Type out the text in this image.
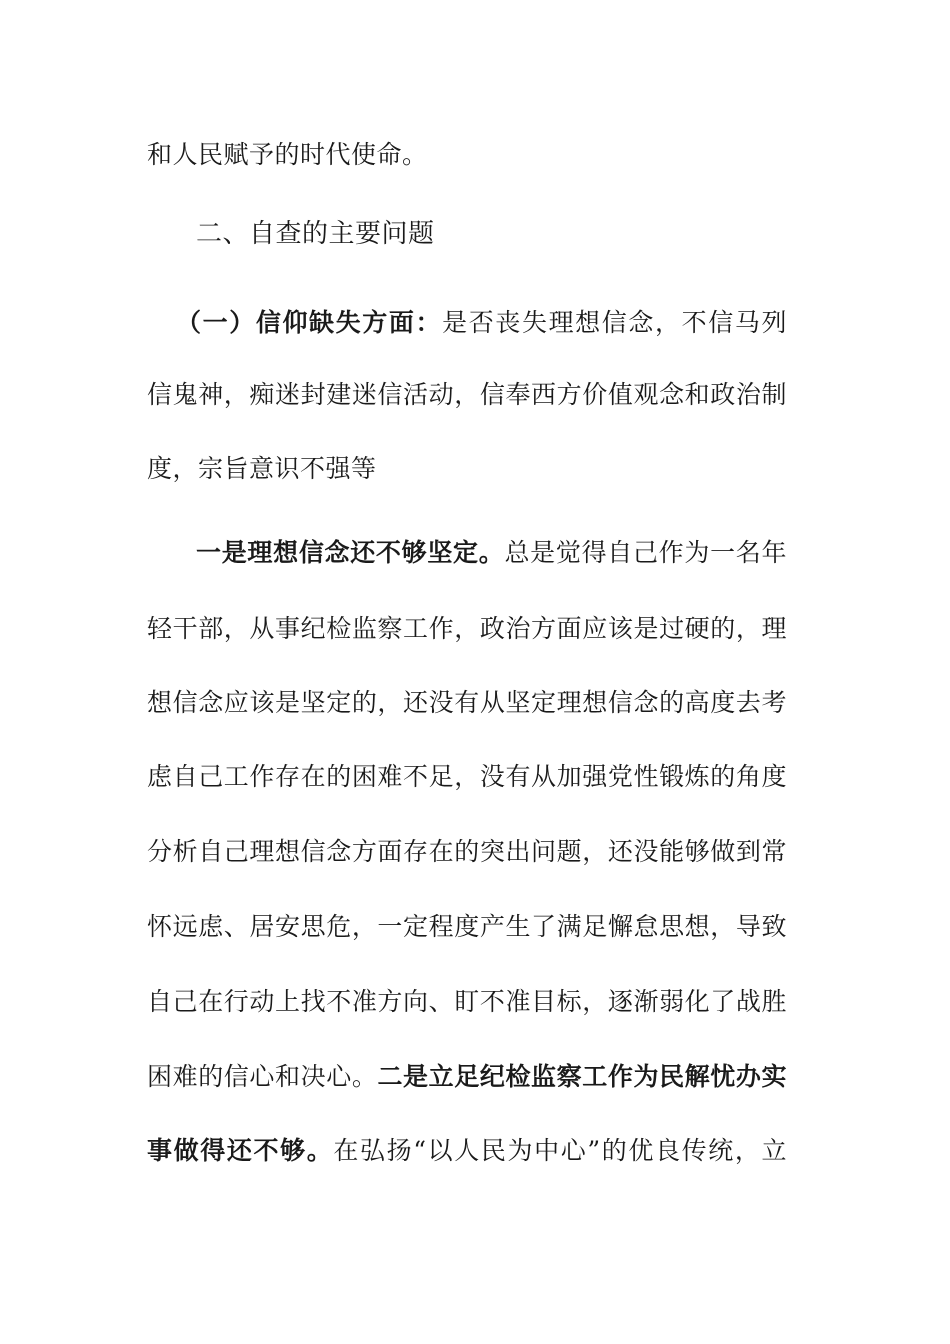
和人民赋予的时代使命。
二、自查的主要问题
（一）信仰缺失方面：是否丧失理想信念，不信马列
信鬼神，痴迷封建迷信活动，信奉西方价值观念和政治制
度，宗旨意识不强等
一是理想信念还不够坚定。总是觉得自己作为一名年
轻干部，从事纪检监察工作，政治方面应该是过硬的，理
想信念应该是坚定的，还没有从坚定理想信念的高度去考
虑自己工作存在的困难不足，没有从加强党性锻炼的角度
分析自己理想信念方面存在的突出问题，还没能够做到常
怀远虑、居安思危，一定程度产生了满足懈怠思想，导致
自己在行动上找不准方向、盯不准目标，逐渐弱化了战胜
困难的信心和决心。二是立足纪检监察工作为民解忧办实
事做得还不够。在弘扬“以人民为中心”的优良传统，立
